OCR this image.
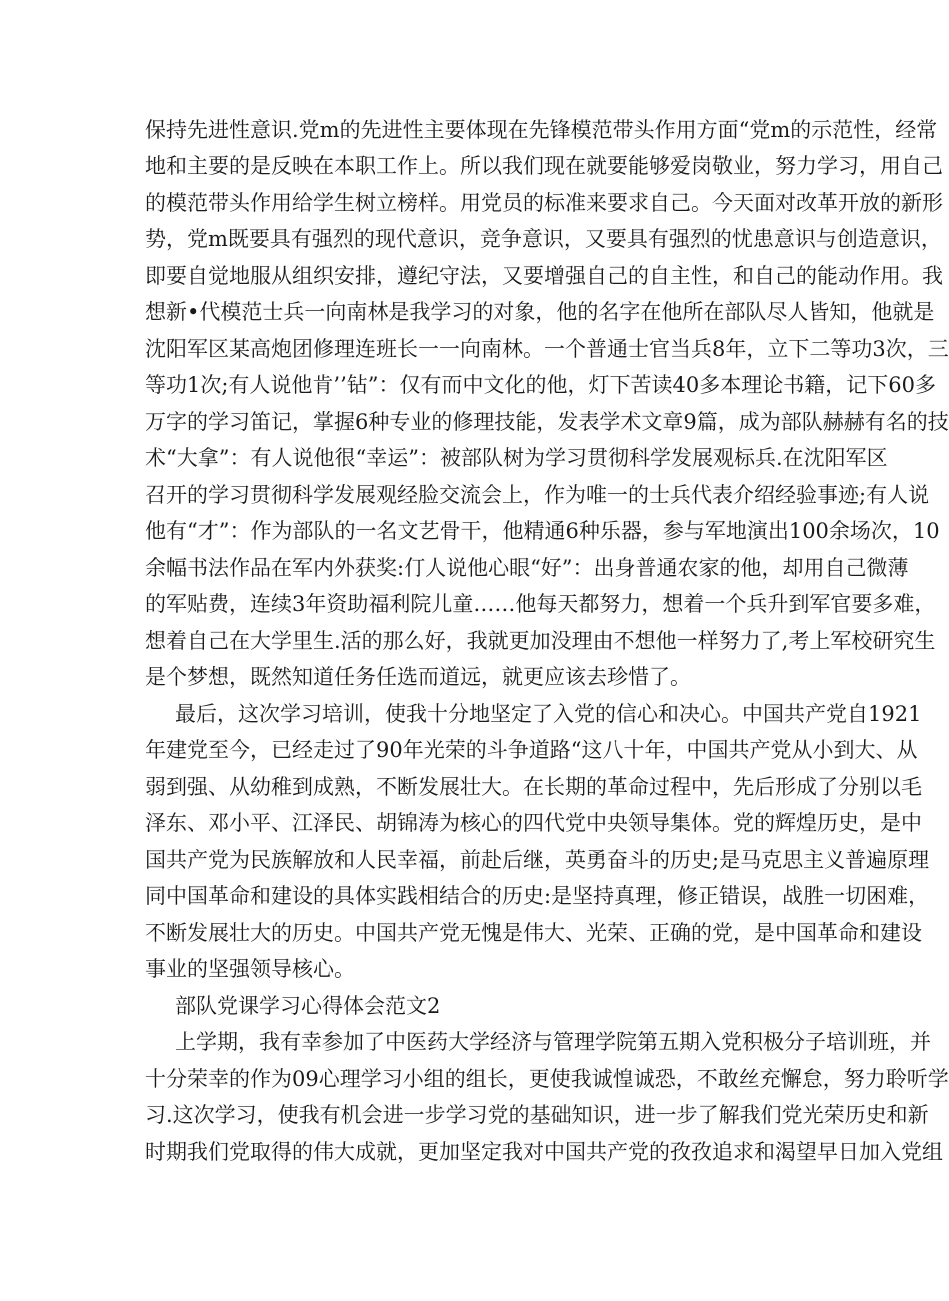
保持先进性意识.党m的先进性主要体现在先锋模范带头作用方面“党m的示范性，经常
地和主要的是反映在本职工作上。所以我们现在就要能够爱岗敬业，努力学习，用自己
的模范带头作用给学生树立榜样。用党员的标准来要求自己。今天面对改革开放的新形
势，党m既要具有强烈的现代意识，竞争意识，又要具有强烈的忧患意识与创造意识，
即要自觉地服从组织安排，遵纪守法，又要增强自己的自主性，和自己的能动作用。我
想新•代模范士兵一向南林是我学习的对象，他的名字在他所在部队尽人皆知，他就是
沈阳军区某高炮团修理连班长一一向南林。一个普通士官当兵8年，立下二等功3次，三
等功1次;有人说他肯’’钻”：仅有而中文化的他，灯下苦读40多本理论书籍，记下60多
万字的学习笛记，掌握6种专业的修理技能，发表学术文章9篇，成为部队赫赫有名的技
术“大拿”：有人说他很“幸运”：被部队树为学习贯彻科学发展观标兵.在沈阳军区
召开的学习贯彻科学发展观经脸交流会上，作为唯一的士兵代表介绍经验事迹;有人说
他有“才”：作为部队的一名文艺骨干，他精通6种乐器，参与军地演出100余场次，10
余幅书法作品在军内外获奖:仃人说他心眼“好”：出身普通农家的他，却用自己微薄
的军贴费，连续3年资助福利院儿童……他每天都努力，想着一个兵升到军官要多难，
想着自己在大学里生.活的那么好，我就更加没理由不想他一样努力了,考上军校研究生
是个梦想，既然知道任务任选而道远，就更应该去珍惜了。
最后，这次学习培训，使我十分地坚定了入党的信心和决心。中国共产党自1921
年建党至今，已经走过了90年光荣的斗争道路“这八十年，中国共产党从小到大、从
弱到强、从幼稚到成熟，不断发展壮大。在长期的革命过程中，先后形成了分别以毛
泽东、邓小平、江泽民、胡锦涛为核心的四代党中央领导集体。党的辉煌历史，是中
国共产党为民族解放和人民幸福，前赴后继，英勇奋斗的历史;是马克思主义普遍原理
同中国革命和建设的具体实践相结合的历史:是坚持真理，修正错误，战胜一切困难，
不断发展壮大的历史。中国共产党无愧是伟大、光荣、正确的党，是中国革命和建设
事业的坚强领导核心。
部队党课学习心得体会范文2
上学期，我有幸参加了中医药大学经济与管理学院第五期入党积极分子培训班，并
十分荣幸的作为09心理学习小组的组长，更使我诚惶诚恐，不敢丝充懈怠，努力聆听学
习.这次学习，使我有机会进一步学习党的基础知识，进一步了解我们党光荣历史和新
时期我们党取得的伟大成就，更加坚定我对中国共产党的孜孜追求和渴望早日加入党组
